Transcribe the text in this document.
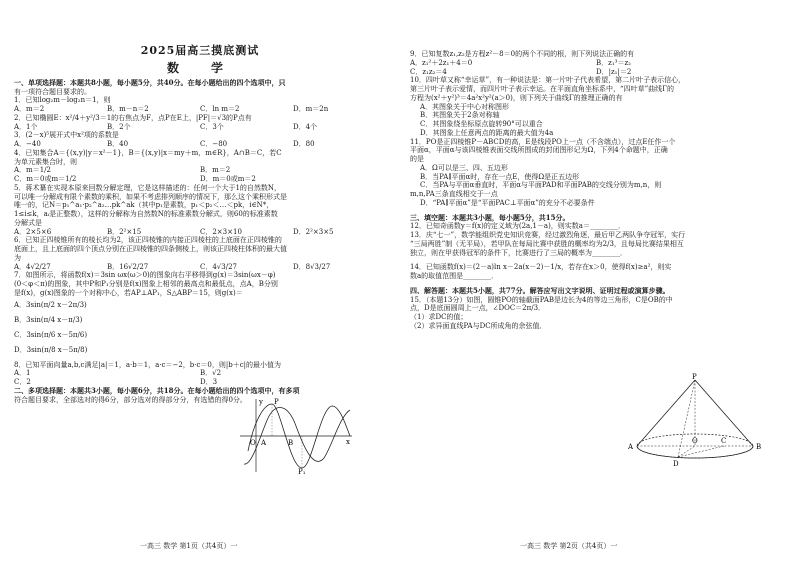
2025届高三摸底测试
数　学
一、单项选择题：本题共8小题，每小题5分，共40分。在每小题给出的四个选项中，只
有一项符合题目要求的。
1．已知log₂m－log₂n＝1，则
A．m＝2	B．m－n＝2	C．ln m＝2	D．m＝2n
2．已知椭圆E：x²/4＋y²/3＝1的右焦点为F，点P在E上，|PF|＝√3的P点有
A．1个	B．2个	C．3个	D．4个
3．(2－x)⁵展开式中x²项的系数是
A．−40	B．40	C．−80	D．80
4．已知集合A＝{(x,y)|y＝x²－1}，B＝{(x,y)|x＝my＋m，m∈R}，A∩B＝C，若C
为单元素集合时，则
A．m＝1/2	B．m＝2
C．m＝0或m＝1/2	D．m＝0或m＝2
5．蒋术纂在实现本原来回数分解定理，它是这样描述的：任何一个大于1的自然数N，
可以唯一分解成有限个素数的乘积，如果不考虑排列顺序的情况下，那么这个乘积形式是
唯一的，记N＝p₁^a₁·p₂^a₂…pk^ak（其中p₁是素数，p₁＜p₂＜…＜pk，i∈N*，
1≤i≤k，aᵢ是正整数），这样的分解称为自然数N的标准素数分解式，则60的标准素数
分解式是
A．2×5×6	B．2²×15	C．2×3×10	D．2²×3×5
6．已知正四棱锥所有的棱长均为2，该正四棱锥的内接正四棱柱的上底面在正四棱锥的
底面上，且上底面的四个顶点分别在正四棱锥的四条侧棱上，则该正四棱柱体积的最大值
为
A．4√2/27	B．16√2/27	C．4√3/27	D．8√3/27
7．如图所示，将函数f(x)＝3sin ωx(ω＞0)的图象向右平移得到g(x)＝3sin(ωx－φ)
(0＜φ＜π)的图象，其中P和P₁分别是f(x)图象上相邻的最高点和最低点，点A，B分别
是f(x)，g(x)图象的一个对称中心，若AP⊥AP₁，S△ABP＝15，则g(x)＝
A．3sin(π/2 x－2π/3)
B．3sin(π/4 x－π/3)
C．3sin(π/6 x－5π/6)
D．3sin(π/8 x－5π/8)
8．已知平面向量a,b,c满足|a|＝1，a·b＝1，a·c＝−2，b·c＝0，则|b＋c|的最小值为
A．1	B．√2
C．2	D．3
二、多项选择题：本题共3小题，每小题6分，共18分。在每小题给出的四个选项中，有多项
符合题目要求，全部选对的得6分，部分选对的得部分分，有选错的得0分。
O A	B
P
P₁
x
y
一高三 数学 第1页（共4页）一
9．已知复数z₁,z₂是方程z²－8＝0的两个不同的根，则下列说法正确的有
A．z₁²＋2z₁＋4＝0	B．z₁³＝z₂
C．z₁z₂＝4	D．|z₁|＝2
10．四叶草又称“幸运草”，有一种说法是：第一片叶子代表希望，第二片叶子表示信心，
第三片叶子表示爱情，而四片叶子表示幸运。在平面直角坐标系中，“四叶草”曲线Γ的
方程为(x²＋y²)³＝4a²x²y²(a＞0)，则下列关于曲线Γ的推理正确的有
A．其图象关于中心对称图形
B．其图象关于2条对称轴
C．其图象绕坐标原点旋转90°可以重合
D．其图象上任意两点的距离的最大值为4a
11．PO是正四棱锥P－ABCD的高，E是线段PO上一点（不含端点），过点E任作一个
平面α，平面α与该四棱锥表面交线所围成的封闭图形记为Ω，下列4个命题中，正确
的是
A．Ω可以是三、四、五边形
B．当PA∥平面α时，存在一点E，使得Ω是正五边形
C．当PA与平面α垂直时，平面α与平面PAD和平面PAB的交线分别为m,n，则
m,n,PA三条直线相交于一点
D．“PA∥平面α”是“平面PAC⊥平面α”的充分不必要条件
三、填空题：本题共3小题，每小题5分，共15分。
12．已知奇函数y＝f(x)的定义域为(2a,1－a)，则实数a＝________．
13．庆“七一”，数学能组织党史知识竞赛，经过激烈角逐，最后甲乙两队争夺冠军，实行
“三局两胜”制（无平局），若甲队在每局比赛中获胜的概率均为2/3，且每局比赛结果相互
独立，则在甲获得冠军的条件下，比赛进行了三局的概率为________．
14．已知函数f(x)＝(2－a)ln x－2a(x－2)－1/x，若存在x＞0，使得f(x)≥a²，则实
数a的取值范围是________．
四、解答题：本题共5小题，共77分。解答应写出文字说明、证明过程或演算步骤。
15．（本题13分）如图，圆锥PO的轴截面PAB是边长为4的等边三角形，C是OB的中
点，D是底面圆周上一点，∠DOC＝2π/3．
（1）求DC的值；
（2）求异面直线PA与DC所成角的余弦值．
P
A	B
C
D
O
一高三 数学 第2页（共4页）一
